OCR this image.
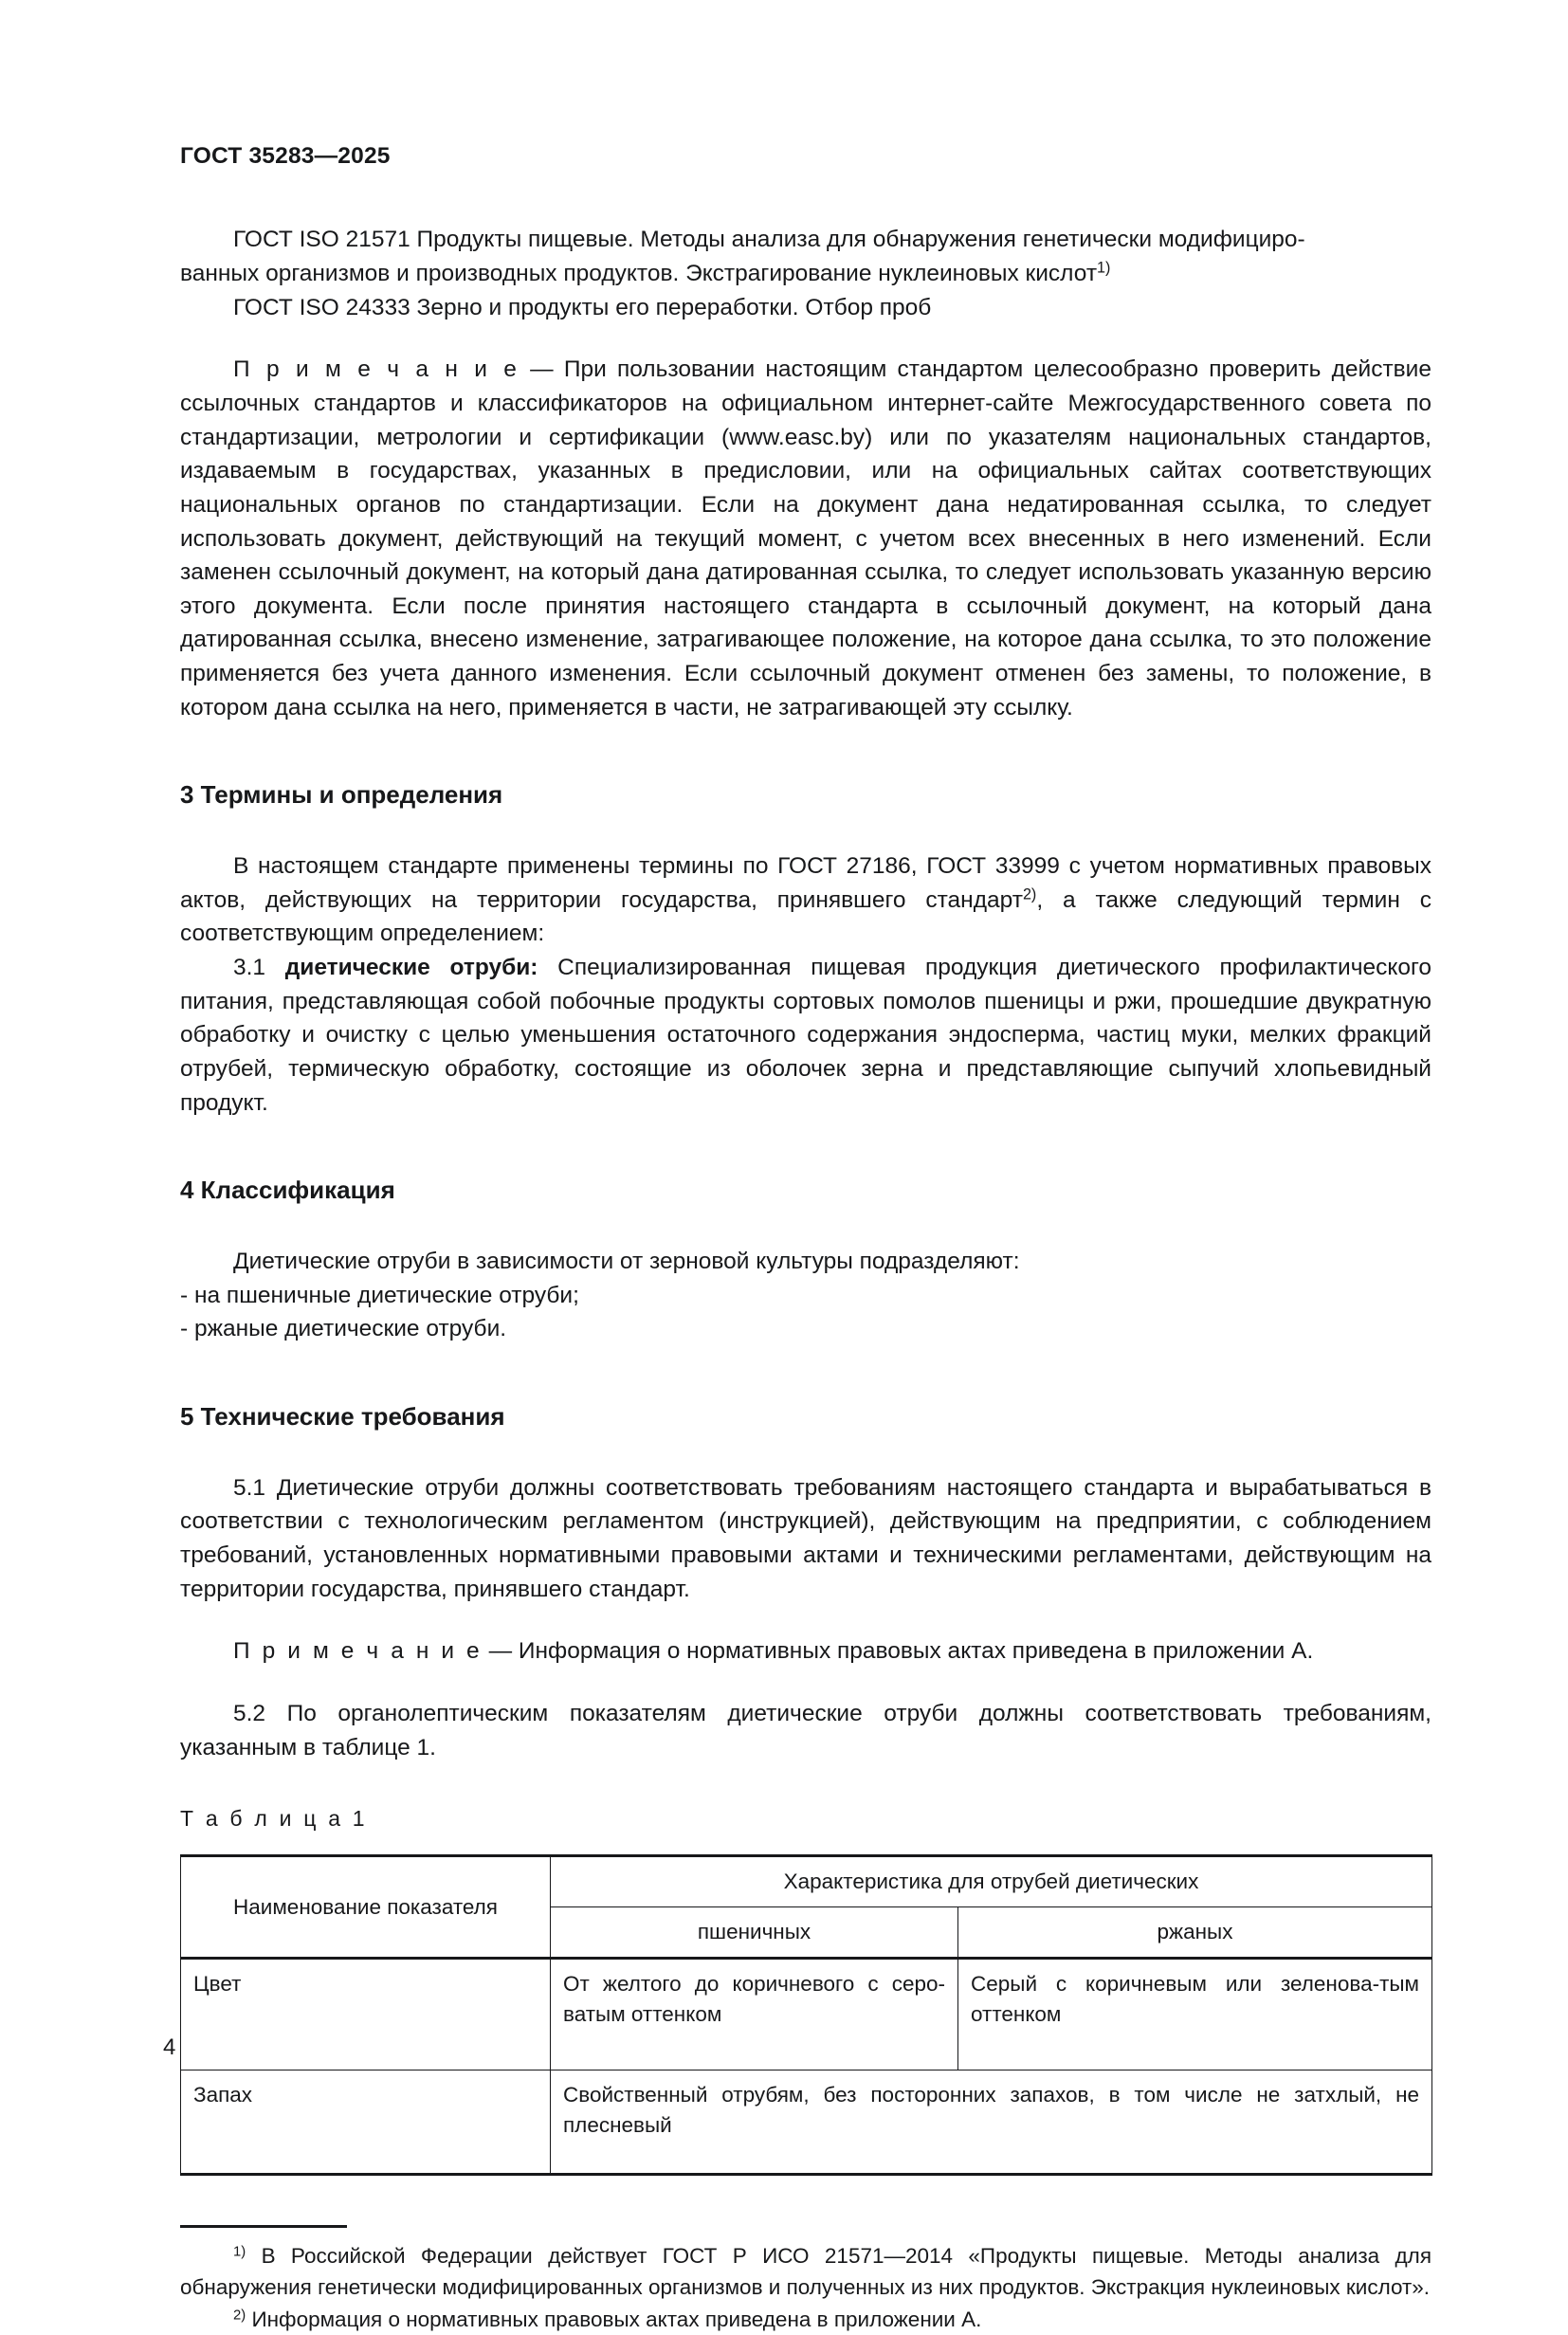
ГОСТ 35283—2025

ГОСТ ISO 21571 Продукты пищевые. Методы анализа для обнаружения генетически модифициро-
ванных организмов и производных продуктов. Экстрагирование нуклеиновых кислот$^{1)}$

ГОСТ ISO 24333 Зерно и продукты его переработки. Отбор проб

П р и м е ч а н и е — При пользовании настоящим стандартом целесообразно проверить действие ссылочных стандартов и классификаторов на официальном интернет-сайте Межгосударственного совета по стандартизации, метрологии и сертификации (www.easc.by) или по указателям национальных стандартов, издаваемым в государствах, указанных в предисловии, или на официальных сайтах соответствующих национальных органов по стандартизации. Если на документ дана недатированная ссылка, то следует использовать документ, действующий на текущий момент, с учетом всех внесенных в него изменений. Если заменен ссылочный документ, на который дана датированная ссылка, то следует использовать указанную версию этого документа. Если после принятия настоящего стандарта в ссылочный документ, на который дана датированная ссылка, внесено изменение, затрагивающее положение, на которое дана ссылка, то это положение применяется без учета данного изменения. Если ссылочный документ отменен без замены, то положение, в котором дана ссылка на него, применяется в части, не затрагивающей эту ссылку.

3 Термины и определения

В настоящем стандарте применены термины по ГОСТ 27186, ГОСТ 33999 с учетом нормативных правовых актов, действующих на территории государства, принявшего стандарт$^{2)}$, а также следующий термин с соответствующим определением:

3.1 диетические отруби: Специализированная пищевая продукция диетического профилактического питания, представляющая собой побочные продукты сортовых помолов пшеницы и ржи, прошедшие двукратную обработку и очистку с целью уменьшения остаточного содержания эндосперма, частиц муки, мелких фракций отрубей, термическую обработку, состоящие из оболочек зерна и представляющие сыпучий хлопьевидный продукт.

4 Классификация

Диетические отруби в зависимости от зерновой культуры подразделяют:

- на пшеничные диетические отруби;

- ржаные диетические отруби.

5 Технические требования

5.1 Диетические отруби должны соответствовать требованиям настоящего стандарта и вырабатываться в соответствии с технологическим регламентом (инструкцией), действующим на предприятии, с соблюдением требований, установленных нормативными правовыми актами и техническими регламентами, действующим на территории государства, принявшего стандарт.

П р и м е ч а н и е — Информация о нормативных правовых актах приведена в приложении А.

5.2 По органолептическим показателям диетические отруби должны соответствовать требованиям, указанным в таблице 1.

Т а б л и ц а 1
Наименование показателя	Характеристика для отрубей диетических	
	пшеничных	ржаных
Цвет	От желтого до коричневого с серо-ватым оттенком	Серый с коричневым или зеленова-тым оттенком
Запах	Свойственный отрубям, без посторонних запахов, в том числе не затхлый, не плесневый	

$^{1)}$ В Российской Федерации действует ГОСТ Р ИСО 21571—2014 «Продукты пищевые. Методы анализа для обнаружения генетически модифицированных организмов и полученных из них продуктов. Экстракция нуклеиновых кислот».

$^{2)}$ Информация о нормативных правовых актах приведена в приложении А.

4
